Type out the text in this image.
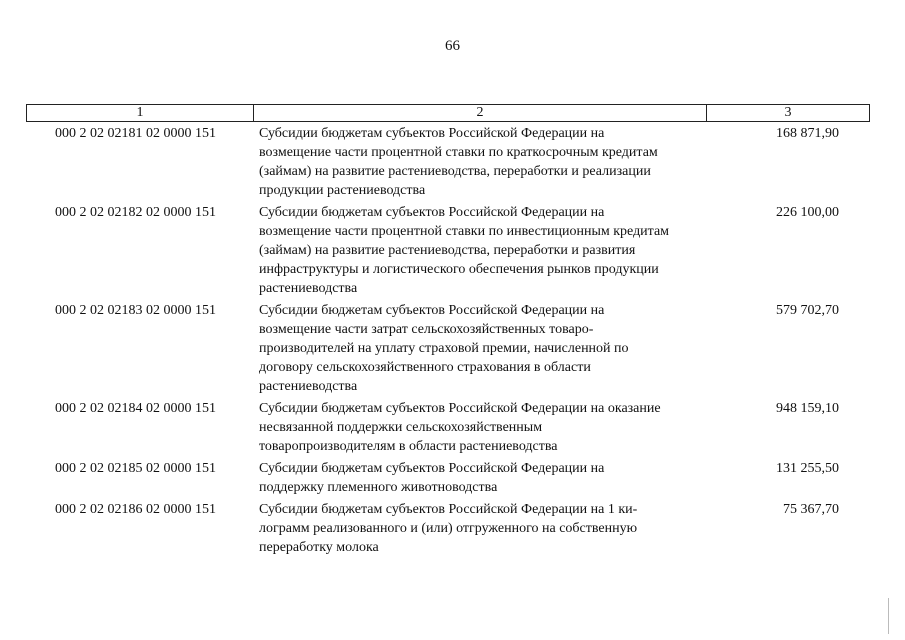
66
1	2	3
000 2 02 02181 02 0000 151	Субсидии бюджетам субъектов Российской Федерации на
возмещение части процентной ставки по краткосрочным кредитам
(займам) на развитие растениеводства, переработки и реализации
продукции растениеводства
168 871,90
000 2 02 02182 02 0000 151	Субсидии бюджетам субъектов Российской Федерации на
возмещение части процентной ставки по инвестиционным кредитам
(займам) на развитие растениеводства, переработки и развития
инфраструктуры и логистического обеспечения рынков продукции
растениеводства
226 100,00
000 2 02 02183 02 0000 151	Субсидии бюджетам субъектов Российской Федерации на
возмещение части затрат сельскохозяйственных товаро-
производителей на уплату страховой премии, начисленной по
договору сельскохозяйственного страхования в области
растениеводства
579 702,70
000 2 02 02184 02 0000 151	Субсидии бюджетам субъектов Российской Федерации на оказание
несвязанной поддержки сельскохозяйственным
товаропроизводителям в области растениеводства
948 159,10
000 2 02 02185 02 0000 151	Субсидии бюджетам субъектов Российской Федерации на
поддержку племенного животноводства
131 255,50
000 2 02 02186 02 0000 151	Субсидии бюджетам субъектов Российской Федерации на 1 ки-
лограмм реализованного и (или) отгруженного на собственную
переработку молока
75 367,70
